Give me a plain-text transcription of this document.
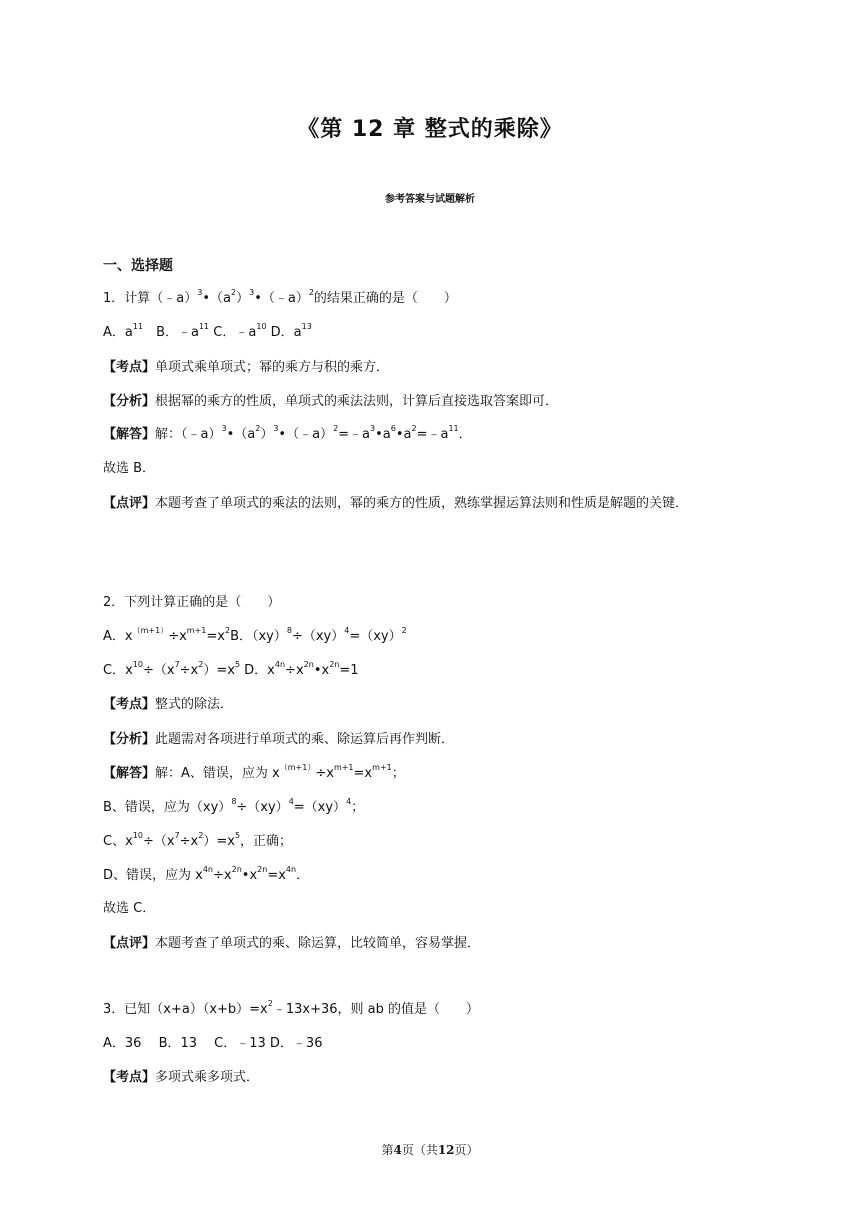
《第 12 章 整式的乘除》
参考答案与试题解析
一、选择题
1．计算$(﹣a)^3•(a^2)^3•(﹣a)^2$的结果正确的是（　　）
A．$a^{11}$　B．$﹣a^{11}$ C．$﹣a^{10}$ D．$a^{13}$
【考点】单项式乘单项式；幂的乘方与积的乘方．
【分析】根据幂的乘方的性质，单项式的乘法法则，计算后直接选取答案即可．
【解答】解：$(﹣a)^3•(a^2)^3•(﹣a)^2=﹣a^3•a^6•a^2=﹣a^{11}$．
故选 B．
【点评】本题考查了单项式的乘法的法则，幂的乘方的性质，熟练掌握运算法则和性质是解题的关键．
2．下列计算正确的是（　　）
A．$x^{(m+1)}\div x^{m+1}=x^2B$．（xy）$^8$÷（xy）$^4$=（xy）$^2$
C．$x^{10}\div(x^7\div x^2)=x^5$ D．$x^{4n}\div x^{2n}•x^{2n}=1$
【考点】整式的除法．
【分析】此题需对各项进行单项式的乘、除运算后再作判断．
【解答】解：A、错误，应为 $x^{(m+1)}\div x^{m+1}=x^{m+1}$；
B、错误，应为（xy）$^8$÷（xy）$^4$=（xy）$^4$；
C、$x^{10}\div(x^7\div x^2)=x^5$，正确；
D、错误，应为 $x^{4n}\div x^{2n}•x^{2n}=x^{4n}$．
故选 C．
【点评】本题考查了单项式的乘、除运算，比较简单，容易掌握．
3．已知$(x+a)(x+b)=x^2﹣13x+36$，则 ab 的值是（　　）
A．36　 B．13　 C．﹣13 D．﹣36
【考点】多项式乘多项式．
第4页（共12页）
